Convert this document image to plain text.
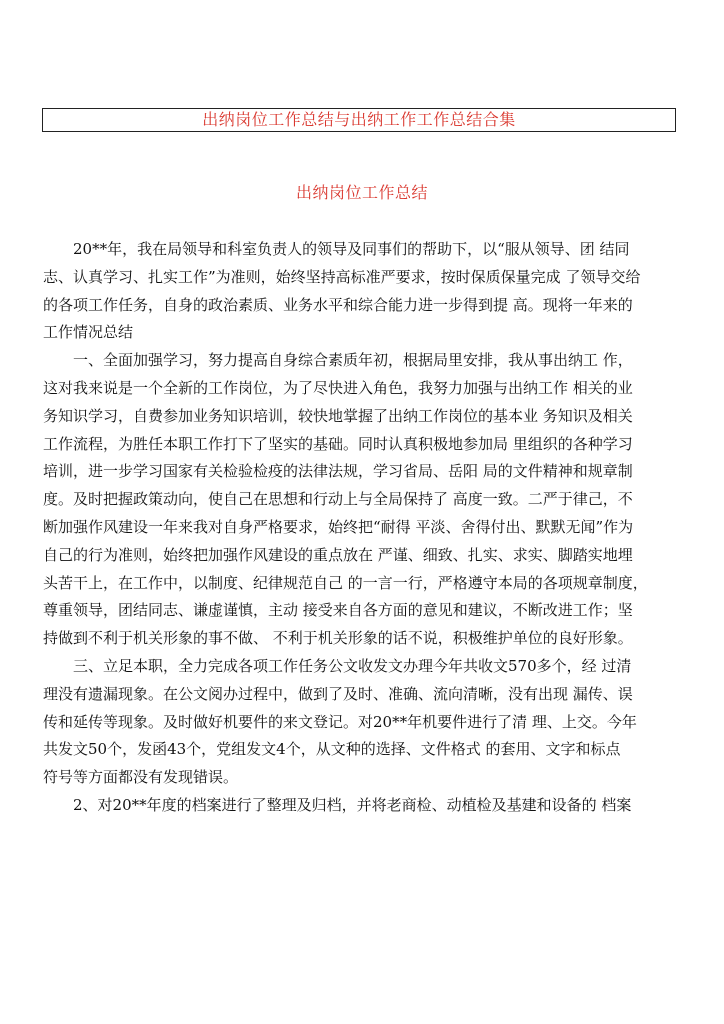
出纳岗位工作总结与出纳工作工作总结合集
出纳岗位工作总结

20**年，我在局领导和科室负责人的领导及同事们的帮助下，以“服从领导、团 结同
志、认真学习、扎实工作”为准则，始终坚持高标准严要求，按时保质保量完成 了领导交给
的各项工作任务，自身的政治素质、业务水平和综合能力进一步得到提 高。现将一年来的
工作情况总结

一、全面加强学习，努力提高自身综合素质年初，根据局里安排，我从事出纳工 作，
这对我来说是一个全新的工作岗位，为了尽快进入角色，我努力加强与出纳工作 相关的业
务知识学习，自费参加业务知识培训，较快地掌握了出纳工作岗位的基本业 务知识及相关
工作流程，为胜任本职工作打下了坚实的基础。同时认真积极地参加局 里组织的各种学习
培训，进一步学习国家有关检验检疫的法律法规，学习省局、岳阳 局的文件精神和规章制
度。及时把握政策动向，使自己在思想和行动上与全局保持了 高度一致。二严于律己，不
断加强作风建设一年来我对自身严格要求，始终把“耐得 平淡、舍得付出、默默无闻”作为
自己的行为准则，始终把加强作风建设的重点放在 严谨、细致、扎实、求实、脚踏实地埋
头苦干上，在工作中，以制度、纪律规范自己 的一言一行，严格遵守本局的各项规章制度，
尊重领导，团结同志、谦虚谨慎，主动 接受来自各方面的意见和建议，不断改进工作；坚
持做到不利于机关形象的事不做、 不利于机关形象的话不说，积极维护单位的良好形象。

三、立足本职，全力完成各项工作任务公文收发文办理今年共收文570多个，经 过清
理没有遗漏现象。在公文阅办过程中，做到了及时、准确、流向清晰，没有出现 漏传、误
传和延传等现象。及时做好机要件的来文登记。对20**年机要件进行了清 理、上交。今年
共发文50个，发函43个，党组发文4个，从文种的选择、文件格式 的套用、文字和标点
符号等方面都没有发现错误。

2、对20**年度的档案进行了整理及归档，并将老商检、动植检及基建和设备的 档案
